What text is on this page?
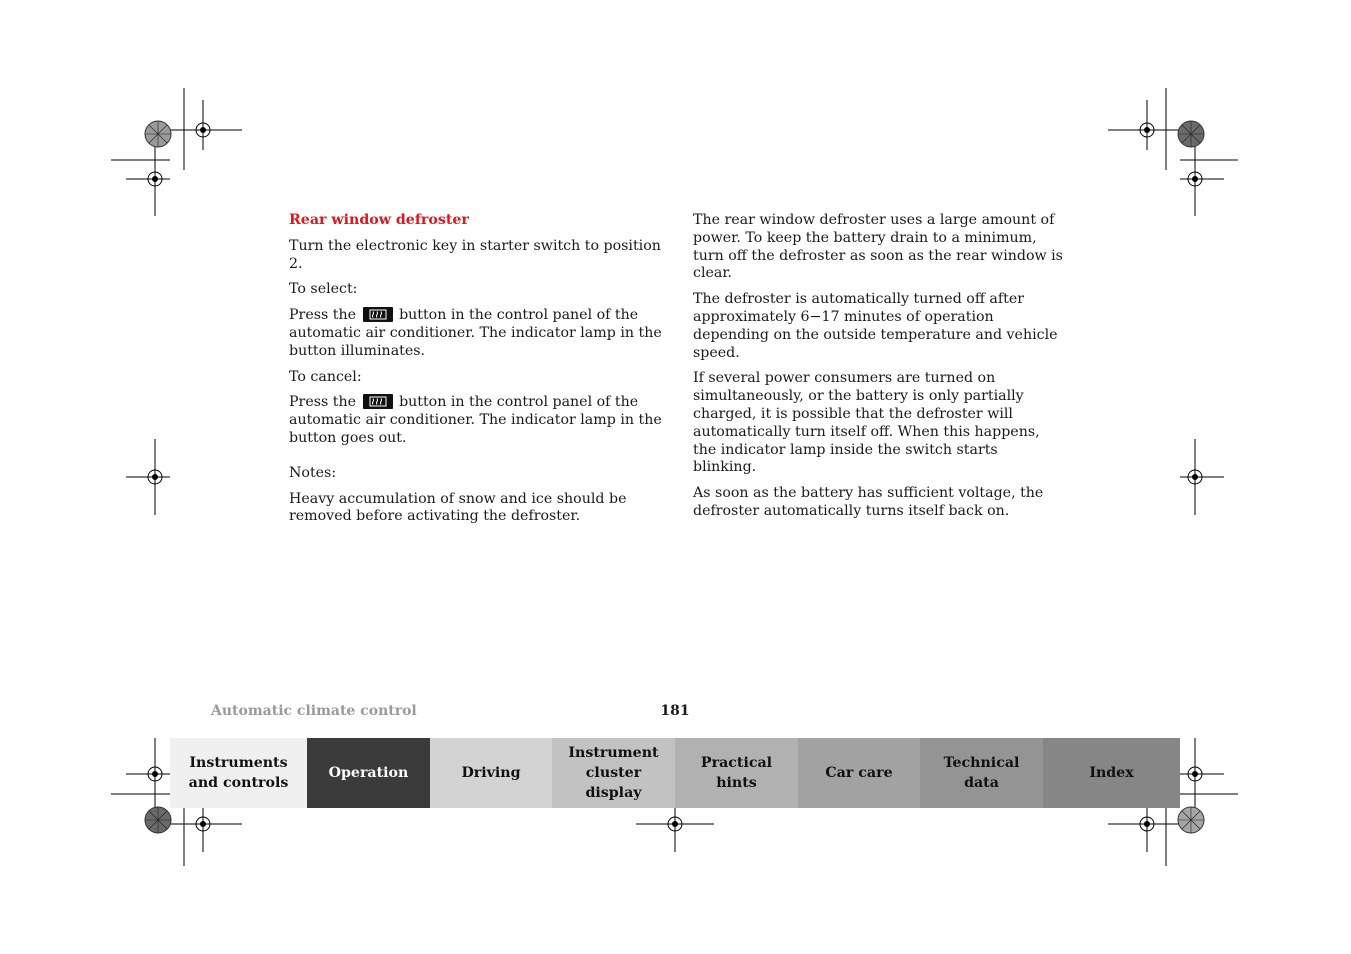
Rear window defroster

Turn the electronic key in starter switch to position 2.

To select:

Press the	button in the control panel of the automatic air conditioner. The indicator lamp in the button illuminates.

To cancel:

Press the	button in the control panel of the automatic air conditioner. The indicator lamp in the button goes out.

Notes:

Heavy accumulation of snow and ice should be removed before activating the defroster.

The rear window defroster uses a large amount of power. To keep the battery drain to a minimum, turn off the defroster as soon as the rear window is clear.

The defroster is automatically turned off after approximately 6−17 minutes of operation depending on the outside temperature and vehicle speed.

If several power consumers are turned on simultaneously, or the battery is only partially charged, it is possible that the defroster will automatically turn itself off. When this happens, the indicator lamp inside the switch starts blinking.

As soon as the battery has sufficient voltage, the defroster automatically turns itself back on.

Automatic climate control	181
Instruments
and controls
Operation	Driving
Instrument
cluster display
Practical hints
Car care
Technical
data
Index
